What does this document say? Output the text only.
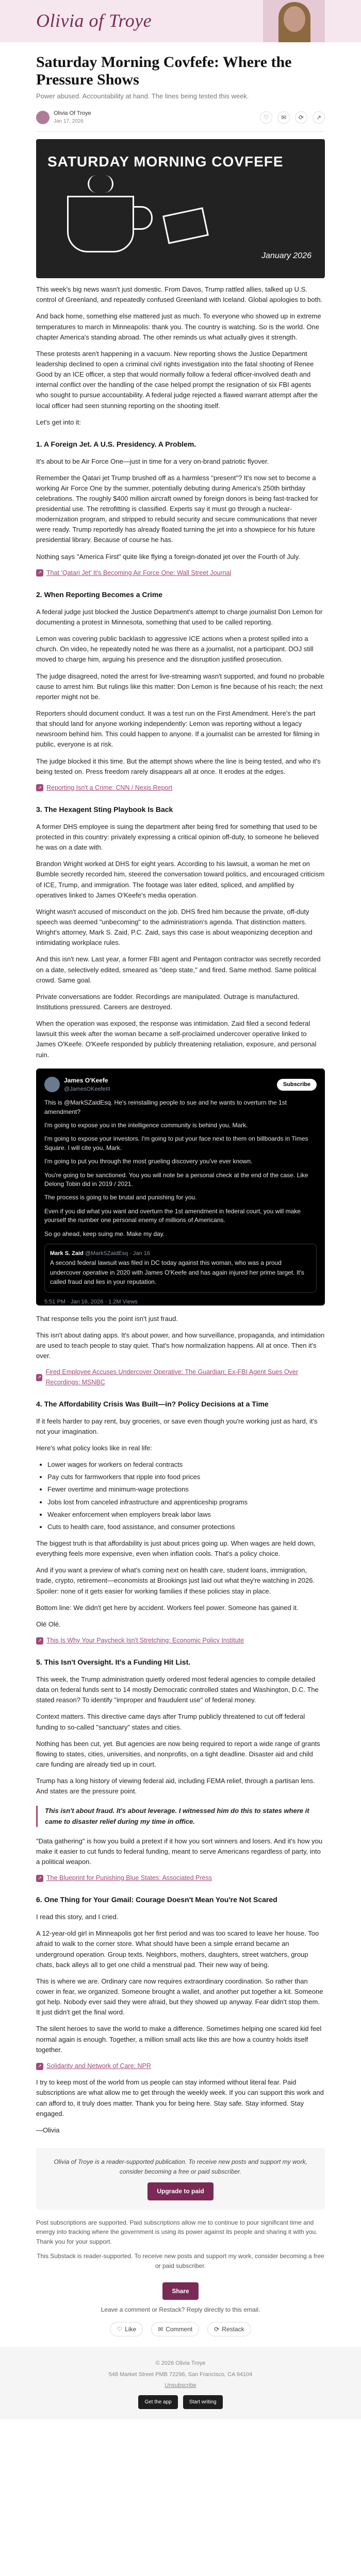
Olivia of Troye
Saturday Morning Covfefe: Where the Pressure Shows
Power abused. Accountability at hand. The lines being tested this week.
Olivia Of Troye
Jan 17, 2026
♡	✉	⟳	↗
SATURDAY MORNING COVFEFE
January 2026

This week's big news wasn't just domestic. From Davos, Trump rattled allies, talked up U.S. control of Greenland, and repeatedly confused Greenland with Iceland. Global apologies to both.

And back home, something else mattered just as much. To everyone who showed up in extreme temperatures to march in Minneapolis: thank you. The country is watching. So is the world. One chapter America's standing abroad. The other reminds us what actually gives it strength.

These protests aren't happening in a vacuum. New reporting shows the Justice Department leadership declined to open a criminal civil rights investigation into the fatal shooting of Renee Good by an ICE officer, a step that would normally follow a federal officer-involved death and internal conflict over the handling of the case helped prompt the resignation of six FBI agents who sought to pursue accountability. A federal judge rejected a flawed warrant attempt after the local officer had seen stunning reporting on the shooting itself.

Let's get into it:

1. A Foreign Jet. A U.S. Presidency. A Problem.

It's about to be Air Force One—just in time for a very on-brand patriotic flyover.

Remember the Qatari jet Trump brushed off as a harmless "present"? It's now set to become a working Air Force One by the summer, potentially debuting during America's 250th birthday celebrations. The roughly $400 million aircraft owned by foreign donors is being fast-tracked for presidential use. The retrofitting is classified. Experts say it must go through a nuclear-modernization program, and stripped to rebuild security and secure communications that never were ready. Trump reportedly has already floated turning the jet into a showpiece for his future presidential library. Because of course he has.

Nothing says "America First" quite like flying a foreign-donated jet over the Fourth of July.

↗ That 'Qatari Jet' It's Becoming Air Force One: Wall Street Journal
2. When Reporting Becomes a Crime

A federal judge just blocked the Justice Department's attempt to charge journalist Don Lemon for documenting a protest in Minnesota, something that used to be called reporting.

Lemon was covering public backlash to aggressive ICE actions when a protest spilled into a church. On video, he repeatedly noted he was there as a journalist, not a participant. DOJ still moved to charge him, arguing his presence and the disruption justified prosecution.

The judge disagreed, noted the arrest for live-streaming wasn't supported, and found no probable cause to arrest him. But rulings like this matter: Don Lemon is fine because of his reach; the next reporter might not be.

Reporters should document conduct. It was a test run on the First Amendment. Here's the part that should land for anyone working independently: Lemon was reporting without a legacy newsroom behind him. This could happen to anyone. If a journalist can be arrested for filming in public, everyone is at risk.

The judge blocked it this time. But the attempt shows where the line is being tested, and who it's being tested on. Press freedom rarely disappears all at once. It erodes at the edges.

↗ Reporting Isn't a Crime: CNN / Nexis Report
3. The Hexagent Sting Playbook Is Back

A former DHS employee is suing the department after being fired for something that used to be protected in this country: privately expressing a critical opinion off-duty, to someone he believed he was on a date with.

Brandon Wright worked at DHS for eight years. According to his lawsuit, a woman he met on Bumble secretly recorded him, steered the conversation toward politics, and encouraged criticism of ICE, Trump, and immigration. The footage was later edited, spliced, and amplified by operatives linked to James O'Keefe's media operation.

Wright wasn't accused of misconduct on the job. DHS fired him because the private, off-duty speech was deemed "unbecoming" to the administration's agenda. That distinction matters. Wright's attorney, Mark S. Zaid, P.C. Zaid, says this case is about weaponizing deception and intimidating workplace rules.

And this isn't new. Last year, a former FBI agent and Pentagon contractor was secretly recorded on a date, selectively edited, smeared as "deep state," and fired. Same method. Same political crowd. Same goal.

Private conversations are fodder. Recordings are manipulated. Outrage is manufactured. Institutions pressured. Careers are destroyed.

When the operation was exposed, the response was intimidation. Zaid filed a second federal lawsuit this week after the woman became a self-proclaimed undercover operative linked to James O'Keefe. O'Keefe responded by publicly threatening retaliation, exposure, and personal ruin.

James O'Keefe
@JamesOKeefeIII
Subscribe

This is @MarkSZaidEsq. He's reinstalling people to sue and he wants to overturn the 1st amendment?

I'm going to expose you in the intelligence community is behind you, Mark.

I'm going to expose your investors. I'm going to put your face next to them on billboards in Times Square. I will cite you, Mark.

I'm going to put you through the most grueling discovery you've ever known.

You're going to be sanctioned. You you will note be a personal check at the end of the case. Like Delong Tobin did in 2019 / 2021.

The process is going to be brutal and punishing for you.

Even if you did what you want and overturn the 1st amendment in federal court, you will make yourself the number one personal enemy of millions of Americans.

So go ahead, keep suing me. Make my day.

Mark S. Zaid @MarkSZaidEsq · Jan 16
A second federal lawsuit was filed in DC today against this woman, who was a proud undercover operative in 2020 with James O'Keefe and has again injured her prime target. It's called fraud and lies in your reputation.
5:51 PM · Jan 16, 2026 · 1.2M Views

That response tells you the point isn't just fraud.

This isn't about dating apps. It's about power, and how surveillance, propaganda, and intimidation are used to teach people to stay quiet. That's how normalization happens. All at once. Then it's over.

↗
Fired Employee Accuses Undercover Operative: The Guardian; Ex-FBI Agent Sues Over Recordings: MSNBC
4. The Affordability Crisis Was Built—in? Policy Decisions at a Time

If it feels harder to pay rent, buy groceries, or save even though you're working just as hard, it's not your imagination.

Here's what policy looks like in real life:

• Lower wages for workers on federal contracts
• Pay cuts for farmworkers that ripple into food prices
• Fewer overtime and minimum-wage protections
• Jobs lost from canceled infrastructure and apprenticeship programs
• Weaker enforcement when employers break labor laws
• Cuts to health care, food assistance, and consumer protections

The biggest truth is that affordability is just about prices going up. When wages are held down, everything feels more expensive, even when inflation cools. That's a policy choice.

And if you want a preview of what's coming next on health care, student loans, immigration, trade, crypto, retirement—economists at Brookings just laid out what they're watching in 2026. Spoiler: none of it gets easier for working families if these policies stay in place.

Bottom line: We didn't get here by accident. Workers feel power. Someone has gained it.

Olé Olé.

↗ This Is Why Your Paycheck Isn't Stretching: Economic Policy Institute
5. This Isn't Oversight. It's a Funding Hit List.

This week, the Trump administration quietly ordered most federal agencies to compile detailed data on federal funds sent to 14 mostly Democratic controlled states and Washington, D.C. The stated reason? To identify "improper and fraudulent use" of federal money.

Context matters. This directive came days after Trump publicly threatened to cut off federal funding to so-called "sanctuary" states and cities.

Nothing has been cut, yet. But agencies are now being required to report a wide range of grants flowing to states, cities, universities, and nonprofits, on a tight deadline. Disaster aid and child care funding are already tied up in court.

Trump has a long history of viewing federal aid, including FEMA relief, through a partisan lens. And states are the pressure point.

This isn't about fraud. It's about leverage. I witnessed him do this to states where it came to disaster relief during my time in office.

"Data gathering" is how you build a pretext if it how you sort winners and losers. And it's how you make it easier to cut funds to federal funding, meant to serve Americans regardless of party, into a political weapon.

↗ The Blueprint for Punishing Blue States: Associated Press
6. One Thing for Your Gmail: Courage Doesn't Mean You're Not Scared

I read this story, and I cried.

A 12-year-old girl in Minneapolis got her first period and was too scared to leave her house. Too afraid to walk to the corner store. What should have been a simple errand became an underground operation. Group texts. Neighbors, mothers, daughters, street watchers, group chats, back alleys all to get one child a menstrual pad. Their new way of being.

This is where we are. Ordinary care now requires extraordinary coordination. So rather than cower in fear, we organized. Someone brought a wallet, and another put together a kit. Someone got help. Nobody ever said they were afraid, but they showed up anyway. Fear didn't stop them. It just didn't get the final word.

The silent heroes to save the world to make a difference. Sometimes helping one scared kid feel normal again is enough. Together, a million small acts like this are how a country holds itself together.

↗ Solidarity and Network of Care: NPR

I try to keep most of the world from us people can stay informed without literal fear. Paid subscriptions are what allow me to get through the weekly week. If you can support this work and can afford to, it truly does matter. Thank you for being here. Stay safe. Stay informed. Stay engaged.

—Olivia

Olivia of Troye is a reader-supported publication. To receive new posts and support my work, consider becoming a free or paid subscriber.
Upgrade to paid

Post subscriptions are supported. Paid subscriptions allow me to continue to pour significant time and energy into tracking where the government is using its power against its people and sharing it with you. Thank you for your support.

This Substack is reader-supported. To receive new posts and support my work, consider becoming a free or paid subscriber.

Share

Leave a comment or Restack? Reply directly to this email.

♡ Like	✉ Comment	⟳ Restack
© 2026 Olivia Troye
548 Market Street PMB 72296, San Francisco, CA 94104
Unsubscribe
Get the app	Start writing
